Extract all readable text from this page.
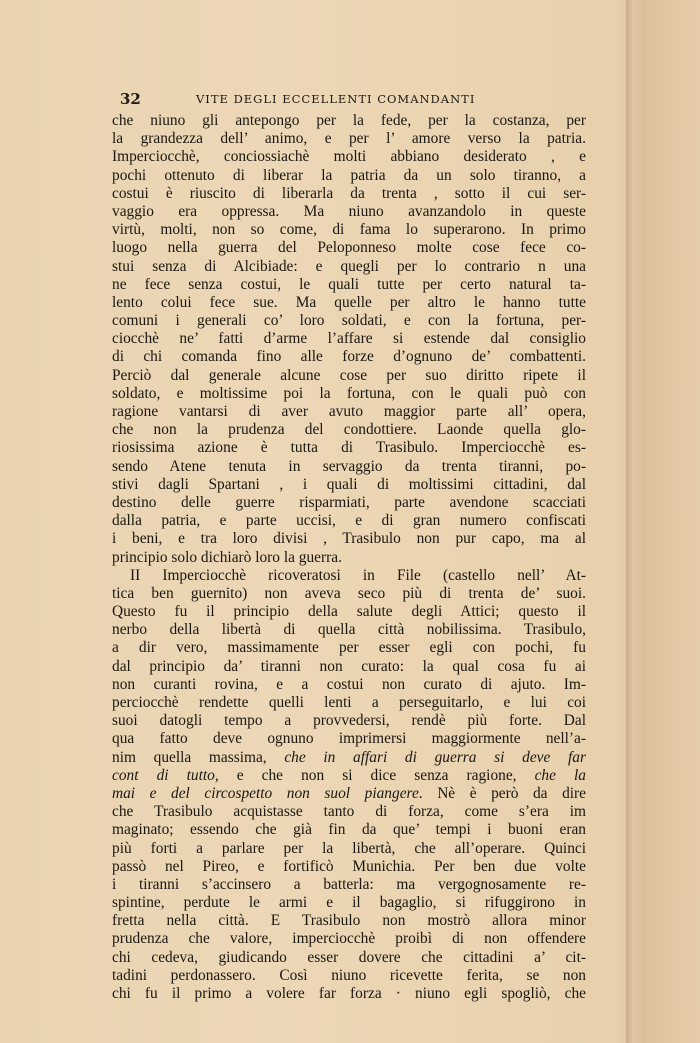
32	VITE DEGLI ECCELLENTI COMANDANTI
che niuno gli antepongo per la fede, per la costanza, per
la grandezza dell’ animo, e per l’ amore verso la patria.
Imperciocchè, conciossiachè molti abbiano desiderato , e
pochi ottenuto di liberar la patria da un solo tiranno, a
costui è riuscito di liberarla da trenta , sotto il cui ser-
vaggio era oppressa. Ma niuno avanzandolo in queste
virtù, molti, non so come, di fama lo superarono. In primo
luogo nella guerra del Peloponneso molte cose fece co-
stui senza di Alcibiade: e quegli per lo contrario n una
ne fece senza costui, le quali tutte per certo natural ta-
lento colui fece sue. Ma quelle per altro le hanno tutte
comuni i generali co’ loro soldati, e con la fortuna, per-
ciocchè ne’ fatti d’arme l’affare si estende dal consiglio
di chi comanda fino alle forze d’ognuno de’ combattenti.
Perciò dal generale alcune cose per suo diritto ripete il
soldato, e moltissime poi la fortuna, con le quali può con
ragione vantarsi di aver avuto maggior parte all’ opera,
che non la prudenza del condottiere. Laonde quella glo-
riosissima azione è tutta di Trasibulo. Imperciocchè es-
sendo Atene tenuta in servaggio da trenta tiranni, po-
stivi dagli Spartani , i quali di moltissimi cittadini, dal
destino delle guerre risparmiati, parte avendone scacciati
dalla patria, e parte uccisi, e di gran numero confiscati
i beni, e tra loro divisi , Trasibulo non pur capo, ma al
principio solo dichiarò loro la guerra.
II Imperciocchè ricoveratosi in File (castello nell’ At-
tica ben guernito) non aveva seco più di trenta de’ suoi.
Questo fu il principio della salute degli Attici; questo il
nerbo della libertà di quella città nobilissima. Trasibulo,
a dir vero, massimamente per esser egli con pochi, fu
dal principio da’ tiranni non curato: la qual cosa fu ai
non curanti rovina, e a costui non curato di ajuto. Im-
perciocchè rendette quelli lenti a perseguitarlo, e lui coi
suoi datogli tempo a provvedersi, rendè più forte. Dal
qua fatto deve ognuno imprimersi maggiormente nell’a-
nim quella massima, che in affari di guerra si deve far
cont di tutto, e che non si dice senza ragione, che la
mai e del circospetto non suol piangere. Nè è però da dire
che Trasibulo acquistasse tanto di forza, come s’era im
maginato; essendo che già fin da que’ tempi i buoni eran
più forti a parlare per la libertà, che all’operare. Quinci
passò nel Pireo, e fortificò Munichia. Per ben due volte
i tiranni s’accinsero a batterla: ma vergognosamente re-
spintine, perdute le armi e il bagaglio, si rifuggirono in
fretta nella città. E Trasibulo non mostrò allora minor
prudenza che valore, imperciocchè proibì di non offendere
chi cedeva, giudicando esser dovere che cittadini a’ cit-
tadini perdonassero. Così niuno ricevette ferita, se non
chi fu il primo a volere far forza · niuno egli spogliò, che
